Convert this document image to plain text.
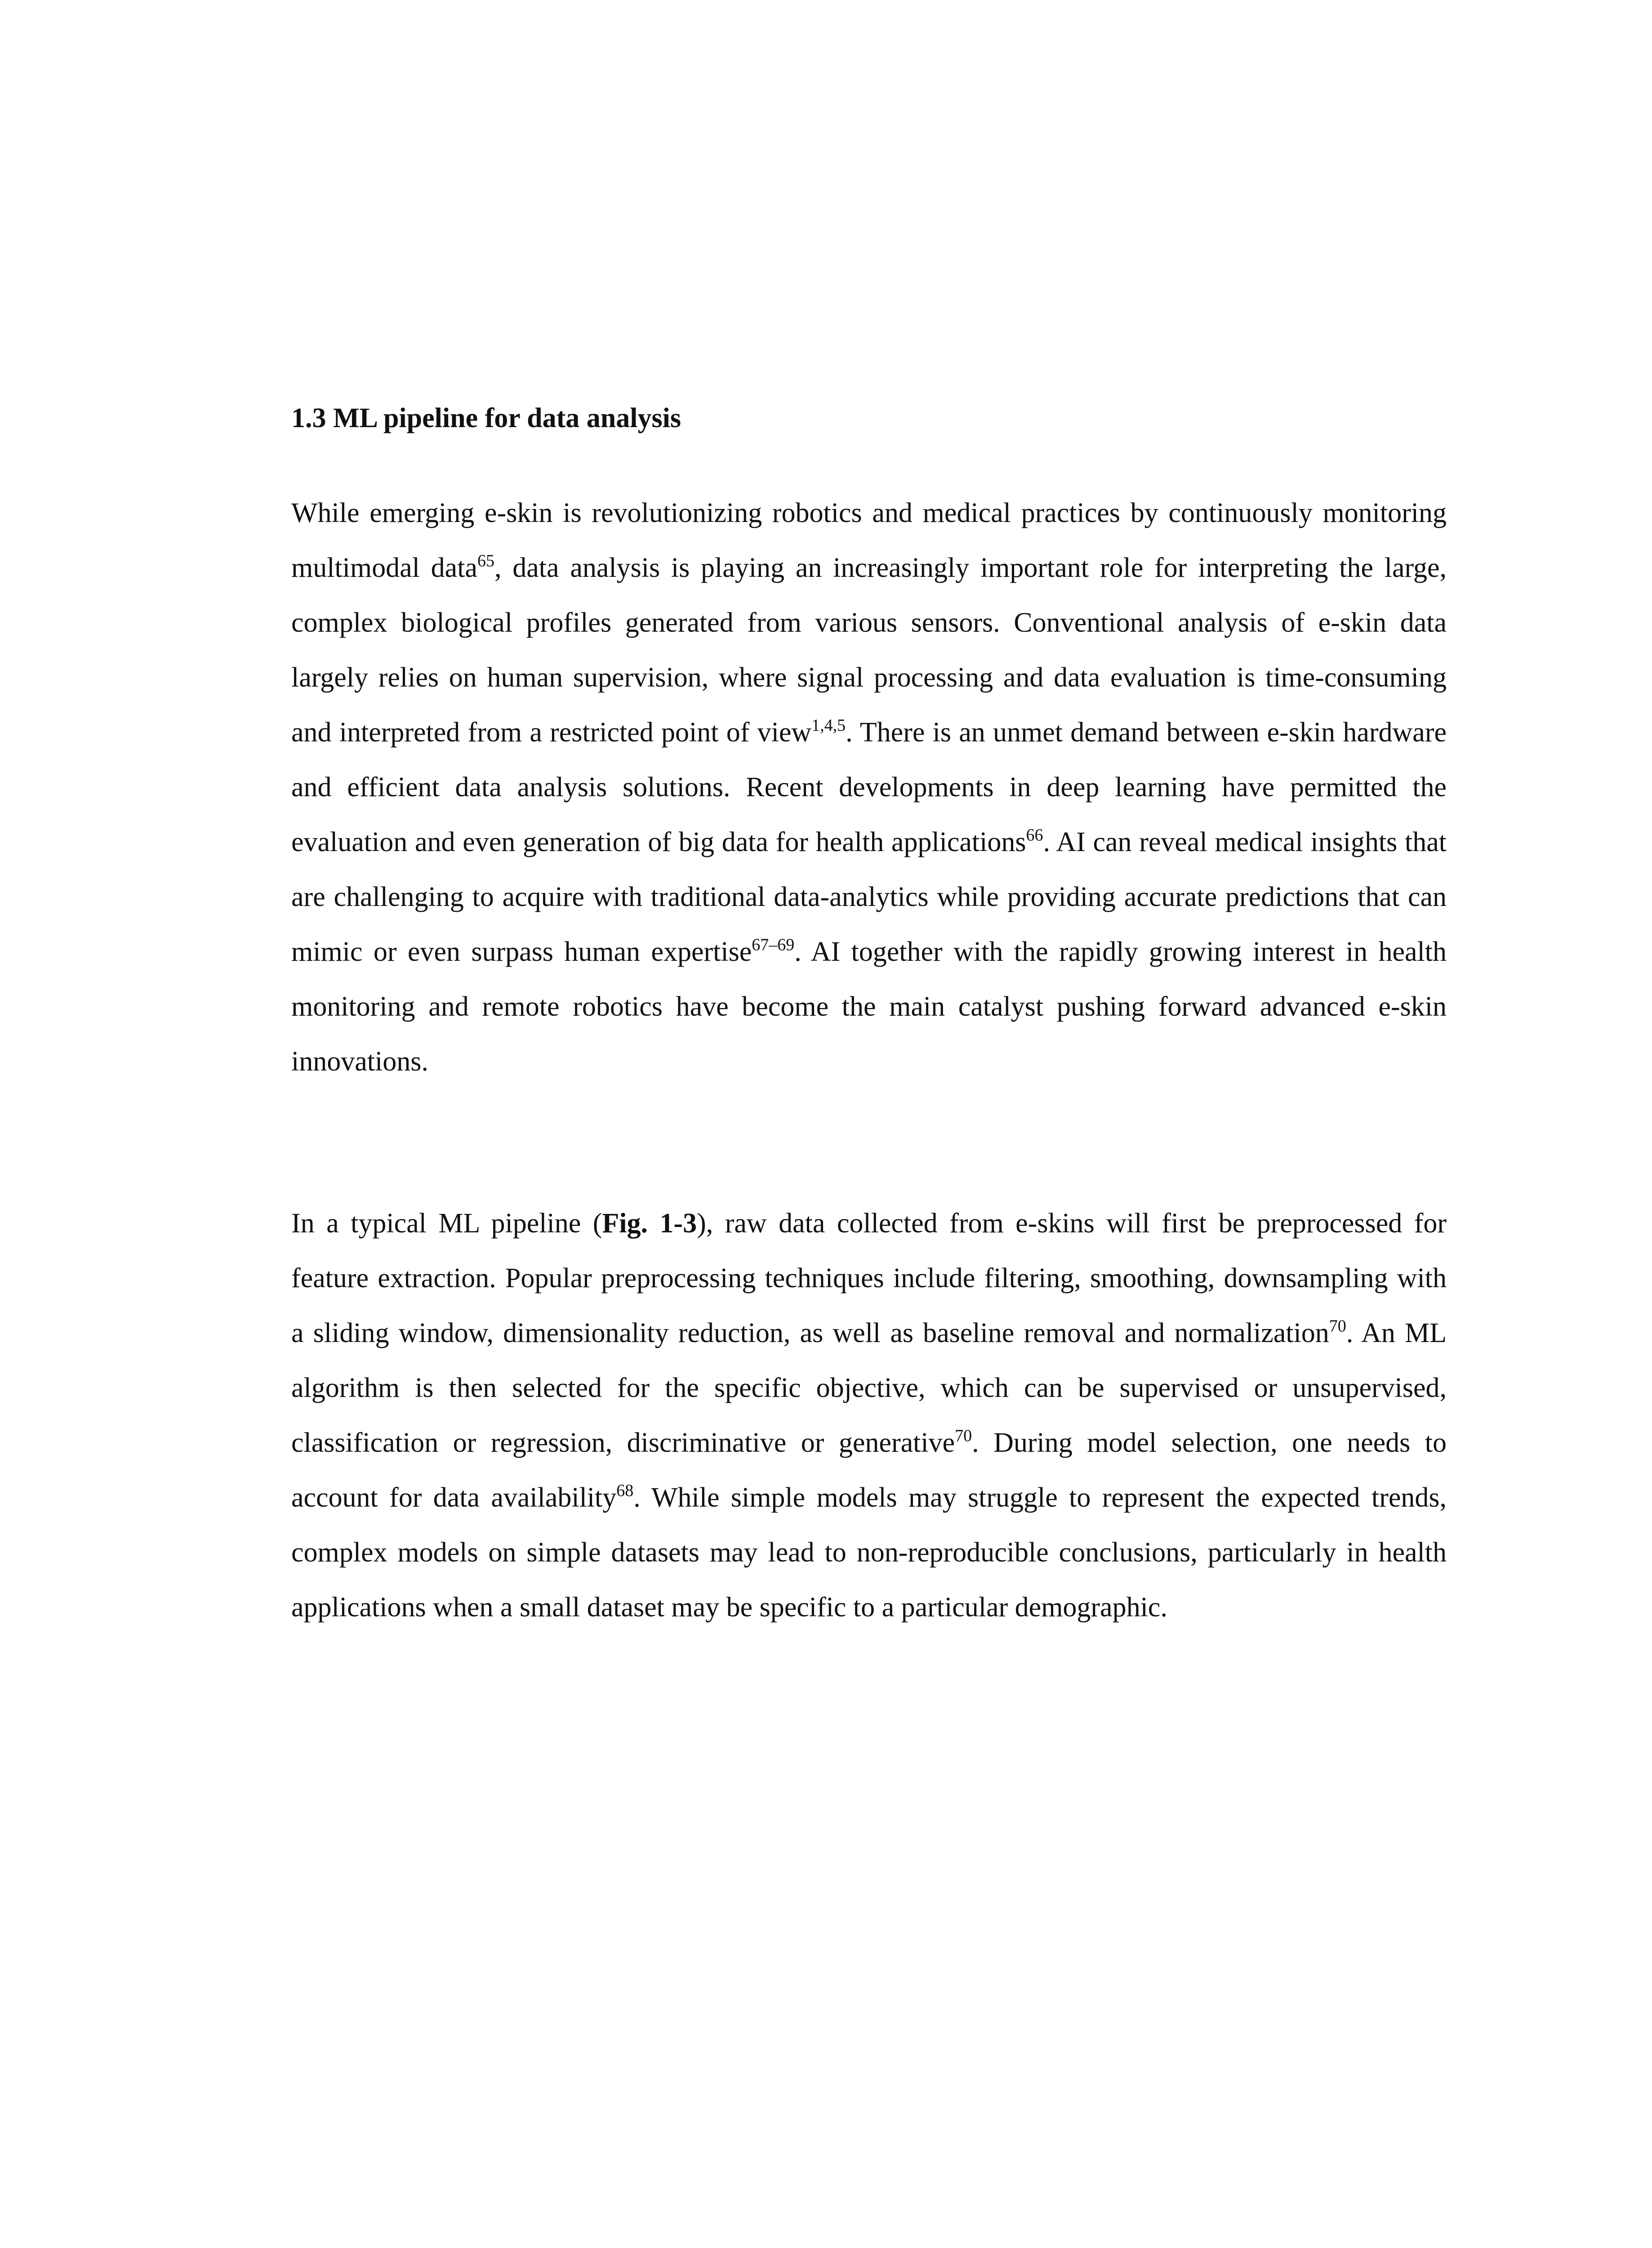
1.3 ML pipeline for data analysis

While emerging e-skin is revolutionizing robotics and medical practices by continuously monitoring multimodal data$^{65}$, data analysis is playing an increasingly important role for interpreting the large, complex biological profiles generated from various sensors. Conventional analysis of e-skin data largely relies on human supervision, where signal processing and data evaluation is time-consuming and interpreted from a restricted point of view$^{1,4,5}$. There is an unmet demand between e-skin hardware and efficient data analysis solutions. Recent developments in deep learning have permitted the evaluation and even generation of big data for health applications$^{66}$. AI can reveal medical insights that are challenging to acquire with traditional data-analytics while providing accurate predictions that can mimic or even surpass human expertise$^{67-69}$. AI together with the rapidly growing interest in health monitoring and remote robotics have become the main catalyst pushing forward advanced e-skin innovations.

In a typical ML pipeline (Fig. 1-3), raw data collected from e-skins will first be preprocessed for feature extraction. Popular preprocessing techniques include filtering, smoothing, downsampling with a sliding window, dimensionality reduction, as well as baseline removal and normalization$^{70}$. An ML algorithm is then selected for the specific objective, which can be supervised or unsupervised, classification or regression, discriminative or generative$^{70}$. During model selection, one needs to account for data availability$^{68}$. While simple models may struggle to represent the expected trends, complex models on simple datasets may lead to non-reproducible conclusions, particularly in health applications when a small dataset may be specific to a particular demographic.
